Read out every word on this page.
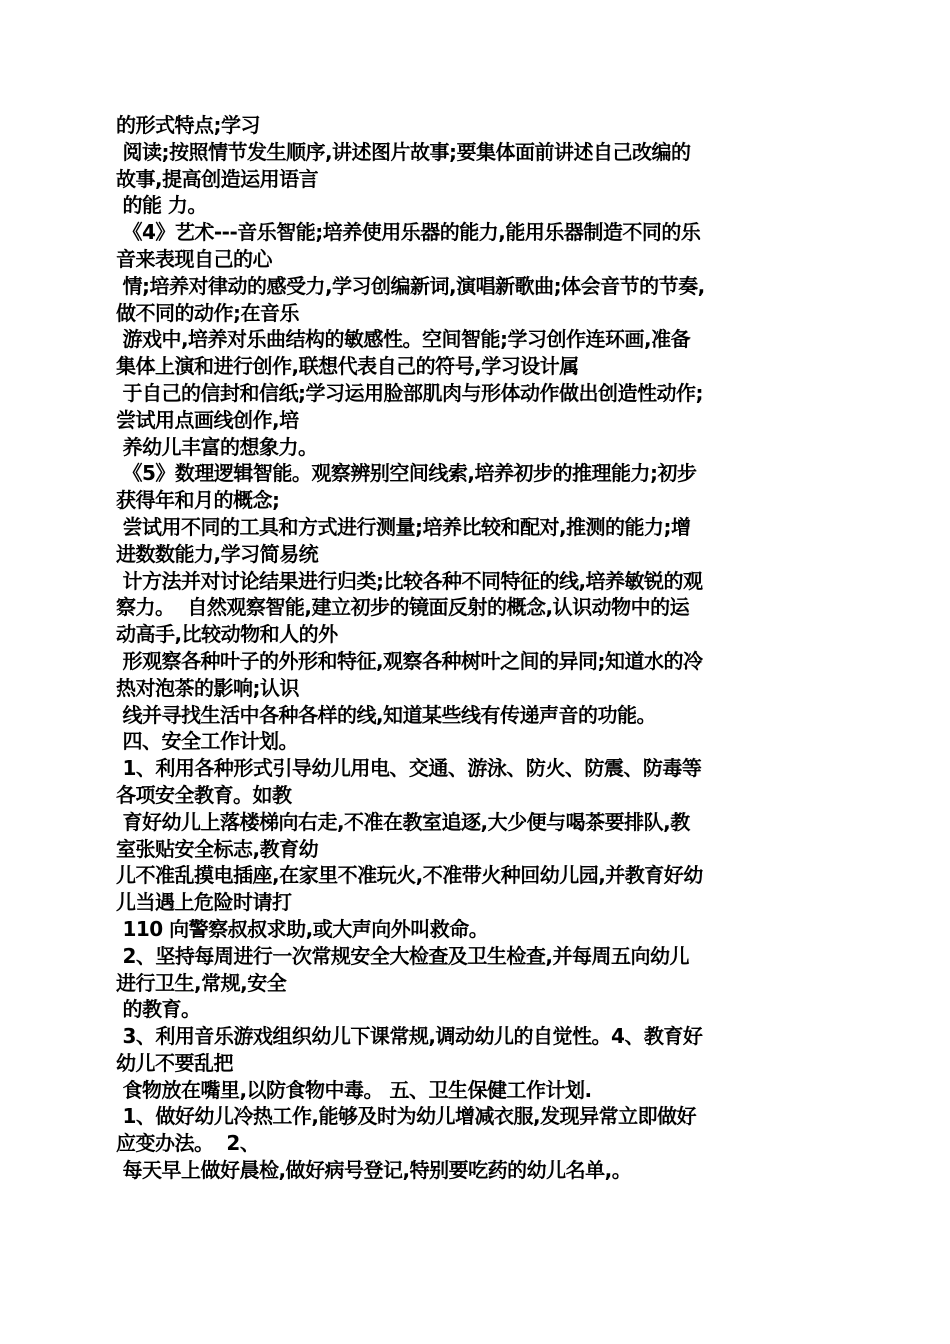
的形式特点;学习
阅读;按照情节发生顺序,讲述图片故事;要集体面前讲述自己改编的
故事,提高创造运用语言
的能 力。
《4》艺术---音乐智能;培养使用乐器的能力,能用乐器制造不同的乐
音来表现自己的心
情;培养对律动的感受力,学习创编新词,演唱新歌曲;体会音节的节奏,
做不同的动作;在音乐
游戏中,培养对乐曲结构的敏感性。空间智能;学习创作连环画,准备
集体上演和进行创作,联想代表自己的符号,学习设计属
于自己的信封和信纸;学习运用脸部肌肉与形体动作做出创造性动作;
尝试用点画线创作,培
养幼儿丰富的想象力。
《5》数理逻辑智能。观察辨别空间线索,培养初步的推理能力;初步
获得年和月的概念;
尝试用不同的工具和方式进行测量;培养比较和配对,推测的能力;增
进数数能力,学习简易统
计方法并对讨论结果进行归类;比较各种不同特征的线,培养敏锐的观
察力。  自然观察智能,建立初步的镜面反射的概念,认识动物中的运
动高手,比较动物和人的外
形观察各种叶子的外形和特征,观察各种树叶之间的异同;知道水的冷
热对泡茶的影响;认识
线并寻找生活中各种各样的线,知道某些线有传递声音的功能。
四、安全工作计划。
1、利用各种形式引导幼儿用电、交通、游泳、防火、防震、防毒等
各项安全教育。如教
育好幼儿上落楼梯向右走,不准在教室追逐,大少便与喝茶要排队,教
室张贴安全标志,教育幼
儿不准乱摸电插座,在家里不准玩火,不准带火种回幼儿园,并教育好幼
儿当遇上危险时请打
110 向警察叔叔求助,或大声向外叫救命。
2、坚持每周进行一次常规安全大检查及卫生检查,并每周五向幼儿
进行卫生,常规,安全
的教育。
3、利用音乐游戏组织幼儿下课常规,调动幼儿的自觉性。4、教育好
幼儿不要乱把
食物放在嘴里,以防食物中毒。 五、卫生保健工作计划.
1、做好幼儿冷热工作,能够及时为幼儿增减衣服,发现异常立即做好
应变办法。  2、
每天早上做好晨检,做好病号登记,特别要吃药的幼儿名单,。
